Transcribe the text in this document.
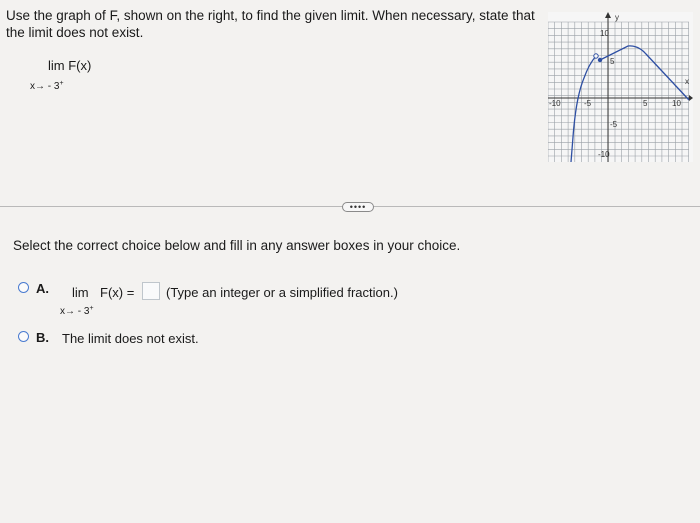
Use the graph of F, shown on the right, to find the given limit. When necessary, state that the limit does not exist.
lim F(x)
x→ - 3+
y
x
-10	-5	5	10
10
5
-5
-10
••••
Select the correct choice below and fill in any answer boxes in your choice.
A. lim F(x) =
x→ - 3+
(Type an integer or a simplified fraction.)
B. The limit does not exist.
